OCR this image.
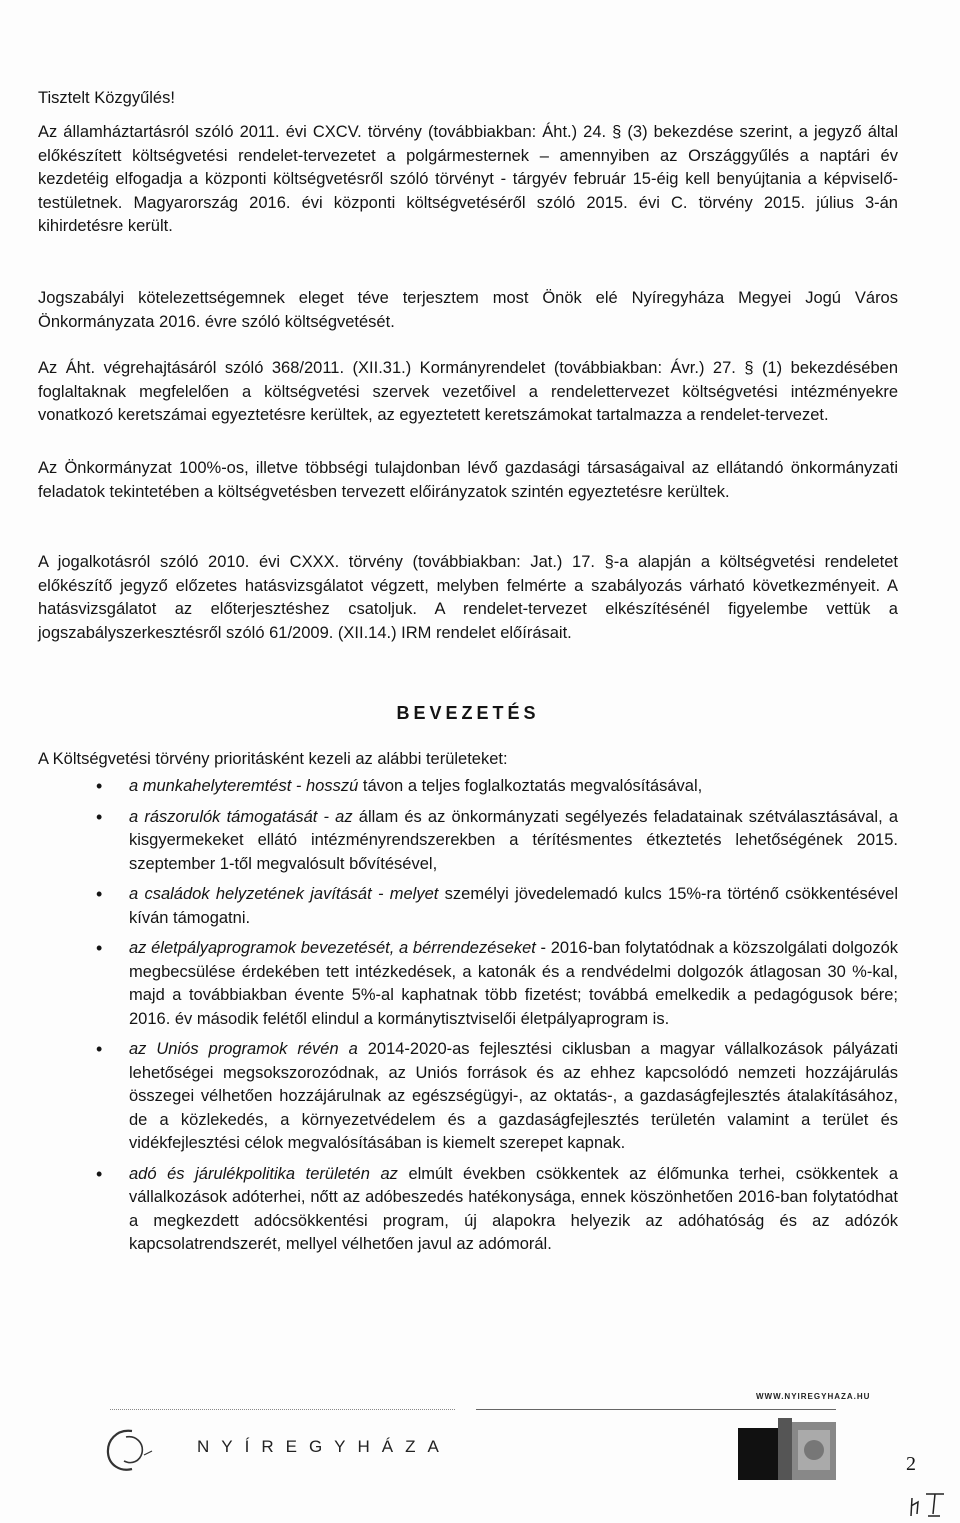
Tisztelt Közgyűlés!

Az államháztartásról szóló 2011. évi CXCV. törvény (továbbiakban: Áht.) 24. § (3) bekezdése szerint, a jegyző által előkészített költségvetési rendelet-tervezetet a polgármesternek – amennyiben az Országgyűlés a naptári év kezdetéig elfogadja a központi költségvetésről szóló törvényt - tárgyév február 15-éig kell benyújtania a képviselő-testületnek. Magyarország 2016. évi központi költségvetéséről szóló 2015. évi C. törvény 2015. július 3-án kihirdetésre került.

Jogszabályi kötelezettségemnek eleget téve terjesztem most Önök elé Nyíregyháza Megyei Jogú Város Önkormányzata 2016. évre szóló költségvetését.

Az Áht. végrehajtásáról szóló 368/2011. (XII.31.) Kormányrendelet (továbbiakban: Ávr.) 27. § (1) bekezdésében foglaltaknak megfelelően a költségvetési szervek vezetőivel a rendelettervezet költségvetési intézményekre vonatkozó keretszámai egyeztetésre kerültek, az egyeztetett keretszámokat tartalmazza a rendelet-tervezet.

Az Önkormányzat 100%-os, illetve többségi tulajdonban lévő gazdasági társaságaival az ellátandó önkormányzati feladatok tekintetében a költségvetésben tervezett előirányzatok szintén egyeztetésre kerültek.

A jogalkotásról szóló 2010. évi CXXX. törvény (továbbiakban: Jat.) 17. §-a alapján a költségvetési rendeletet előkészítő jegyző előzetes hatásvizsgálatot végzett, melyben felmérte a szabályozás várható következményeit. A hatásvizsgálatot az előterjesztéshez csatoljuk. A rendelet-tervezet elkészítésénél figyelembe vettük a jogszabályszerkesztésről szóló 61/2009. (XII.14.) IRM rendelet előírásait.

BEVEZETÉS
A Költségvetési törvény prioritásként kezeli az alábbi területeket:
• a munkahelyteremtést - hosszú távon a teljes foglalkoztatás megvalósításával,
• a rászorulók támogatását - az állam és az önkormányzati segélyezés feladatainak szétválasztásával, a kisgyermekeket ellátó intézményrendszerekben a térítésmentes étkeztetés lehetőségének 2015. szeptember 1-től megvalósult bővítésével,
• a családok helyzetének javítását - melyet személyi jövedelemadó kulcs 15%-ra történő csökkentésével kíván támogatni.
• az életpályaprogramok bevezetését, a bérrendezéseket - 2016-ban folytatódnak a közszolgálati dolgozók megbecsülése érdekében tett intézkedések, a katonák és a rendvédelmi dolgozók átlagosan 30 %-kal, majd a továbbiakban évente 5%-al kaphatnak több fizetést; továbbá emelkedik a pedagógusok bére; 2016. év második felétől elindul a kormánytisztviselői életpályaprogram is.
• az Uniós programok révén a 2014-2020-as fejlesztési ciklusban a magyar vállalkozások pályázati lehetőségei megsokszorozódnak, az Uniós források és az ehhez kapcsolódó nemzeti hozzájárulás összegei vélhetően hozzájárulnak az egészségügyi-, az oktatás-, a gazdaságfejlesztés átalakításához, de a közlekedés, a környezetvédelem és a gazdaságfejlesztés területén valamint a terület és vidékfejlesztési célok megvalósításában is kiemelt szerepet kapnak.
• adó és járulékpolitika területén az elmúlt években csökkentek az élőmunka terhei, csökkentek a vállalkozások adóterhei, nőtt az adóbeszedés hatékonysága, ennek köszönhetően 2016-ban folytatódhat a megkezdett adócsökkentési program, új alapokra helyezik az adóhatóság és az adózók kapcsolatrendszerét, mellyel vélhetően javul az adómorál.
WWW.NYIREGYHAZA.HU
NYÍREGYHÁZA
2
